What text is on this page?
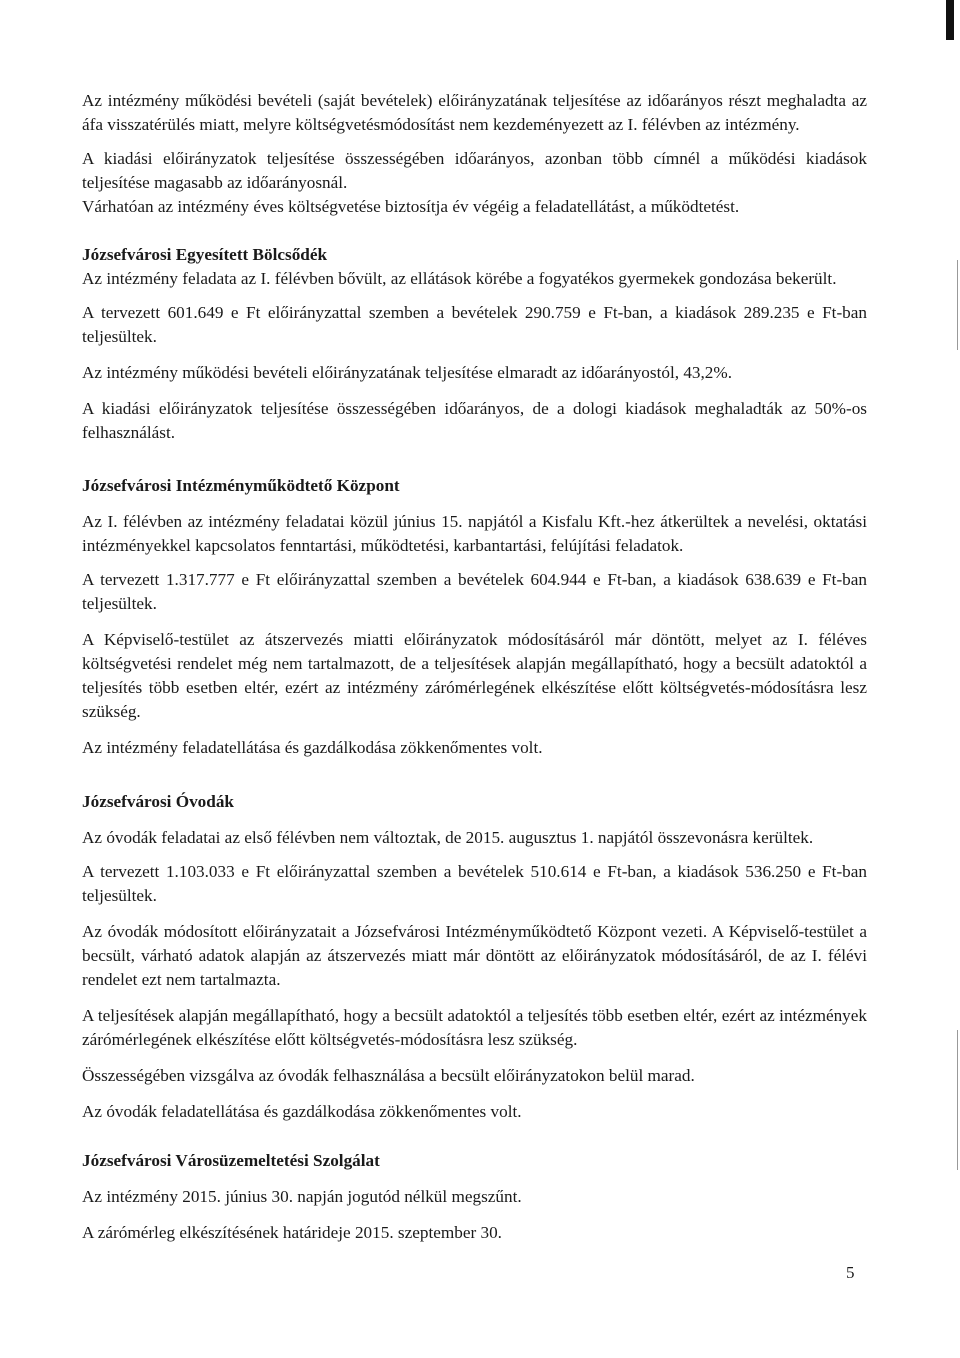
Az intézmény működési bevételi (saját bevételek) előirányzatának teljesítése az időarányos részt meghaladta az áfa visszatérülés miatt, melyre költségvetésmódosítást nem kezdeményezett az I. félévben az intézmény.

A kiadási előirányzatok teljesítése összességében időarányos, azonban több címnél a működési kiadások teljesítése magasabb az időarányosnál.

Várhatóan az intézmény éves költségvetése biztosítja év végéig a feladatellátást, a működtetést.

Józsefvárosi Egyesített Bölcsődék

Az intézmény feladata az I. félévben bővült, az ellátások körébe a fogyatékos gyermekek gondozása bekerült.

A tervezett 601.649 e Ft előirányzattal szemben a bevételek 290.759 e Ft-ban, a kiadások 289.235 e Ft-ban teljesültek.

Az intézmény működési bevételi előirányzatának teljesítése elmaradt az időarányostól, 43,2%.

A kiadási előirányzatok teljesítése összességében időarányos, de a dologi kiadások meghaladták az 50%-os felhasználást.

Józsefvárosi Intézményműködtető Központ

Az I. félévben az intézmény feladatai közül június 15. napjától a Kisfalu Kft.-hez átkerültek a nevelési, oktatási intézményekkel kapcsolatos fenntartási, működtetési, karbantartási, felújítási feladatok.

A tervezett 1.317.777 e Ft előirányzattal szemben a bevételek 604.944 e Ft-ban, a kiadások 638.639 e Ft-ban teljesültek.

A Képviselő-testület az átszervezés miatti előirányzatok módosításáról már döntött, melyet az I. féléves költségvetési rendelet még nem tartalmazott, de a teljesítések alapján megállapítható, hogy a becsült adatoktól a teljesítés több esetben eltér, ezért az intézmény zárómérlegének elkészítése előtt költségvetés-módosításra lesz szükség.

Az intézmény feladatellátása és gazdálkodása zökkenőmentes volt.

Józsefvárosi Óvodák

Az óvodák feladatai az első félévben nem változtak, de 2015. augusztus 1. napjától összevonásra kerültek.

A tervezett 1.103.033 e Ft előirányzattal szemben a bevételek 510.614 e Ft-ban, a kiadások 536.250 e Ft-ban teljesültek.

Az óvodák módosított előirányzatait a Józsefvárosi Intézményműködtető Központ vezeti. A Képviselő-testület a becsült, várható adatok alapján az átszervezés miatt már döntött az előirányzatok módosításáról, de az I. félévi rendelet ezt nem tartalmazta.

A teljesítések alapján megállapítható, hogy a becsült adatoktól a teljesítés több esetben eltér, ezért az intézmények zárómérlegének elkészítése előtt költségvetés-módosításra lesz szükség.

Összességében vizsgálva az óvodák felhasználása a becsült előirányzatokon belül marad.

Az óvodák feladatellátása és gazdálkodása zökkenőmentes volt.

Józsefvárosi Városüzemeltetési Szolgálat

Az intézmény 2015. június 30. napján jogutód nélkül megszűnt.

A zárómérleg elkészítésének határideje 2015. szeptember 30.

5
